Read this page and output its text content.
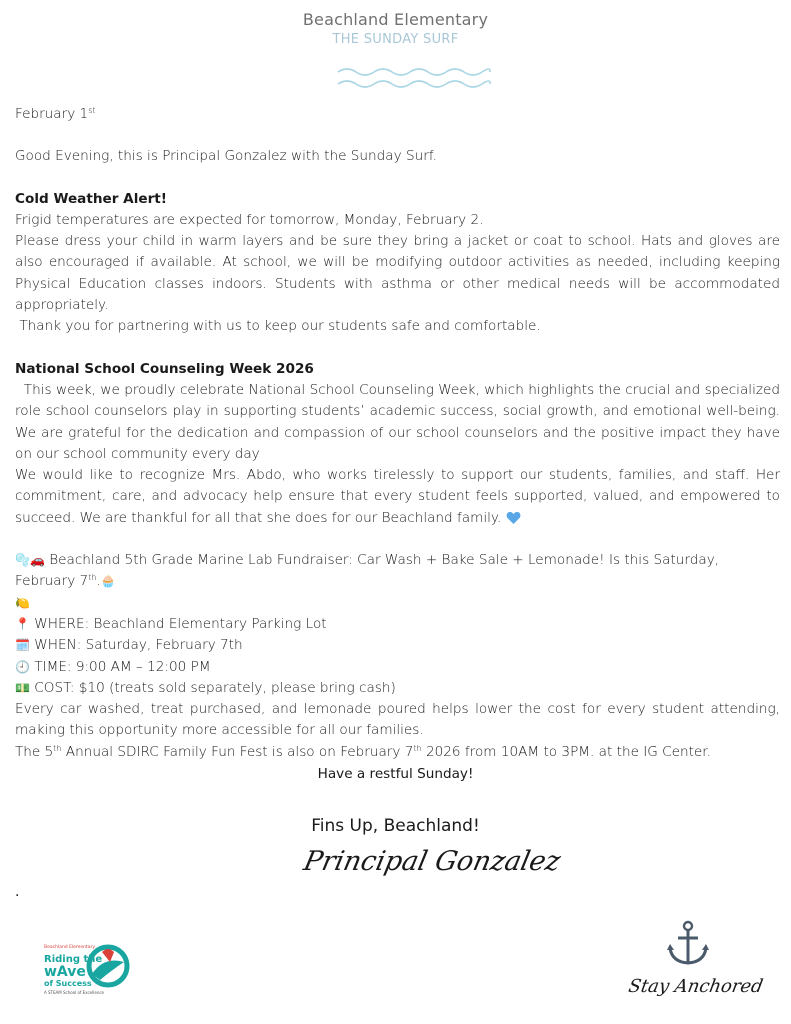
Beachland Elementary
THE SUNDAY SURF

February 1st

Good Evening, this is Principal Gonzalez with the Sunday Surf.

Cold Weather Alert!

Frigid temperatures are expected for tomorrow, Monday, February 2.

Please dress your child in warm layers and be sure they bring a jacket or coat to school. Hats and gloves are also encouraged if available. At school, we will be modifying outdoor activities as needed, including keeping Physical Education classes indoors. Students with asthma or other medical needs will be accommodated appropriately.

Thank you for partnering with us to keep our students safe and comfortable.

National School Counseling Week 2026

This week, we proudly celebrate National School Counseling Week, which highlights the crucial and specialized role school counselors play in supporting students’ academic success, social growth, and emotional well-being. We are grateful for the dedication and compassion of our school counselors and the positive impact they have on our school community every day

We would like to recognize Mrs. Abdo, who works tirelessly to support our students, families, and staff. Her commitment, care, and advocacy help ensure that every student feels supported, valued, and empowered to succeed. We are thankful for all that she does for our Beachland family.

🫧🚗 Beachland 5th Grade Marine Lab Fundraiser: Car Wash + Bake Sale + Lemonade! Is this Saturday, February 7th.🧁

🍋

📍 WHERE: Beachland Elementary Parking Lot

🗓️ WHEN: Saturday, February 7th

🕘 TIME: 9:00 AM – 12:00 PM

💵 COST: $10 (treats sold separately, please bring cash)

Every car washed, treat purchased, and lemonade poured helps lower the cost for every student attending, making this opportunity more accessible for all our families.

The 5th Annual SDIRC Family Fun Fest is also on February 7th 2026 from 10AM to 3PM. at the IG Center.

Have a restful Sunday!
Fins Up, Beachland!
Principal Gonzalez
.
Beachland Elementary
Riding the
wAve
of Success
A STEAM School of Excellence	Stay Anchored
